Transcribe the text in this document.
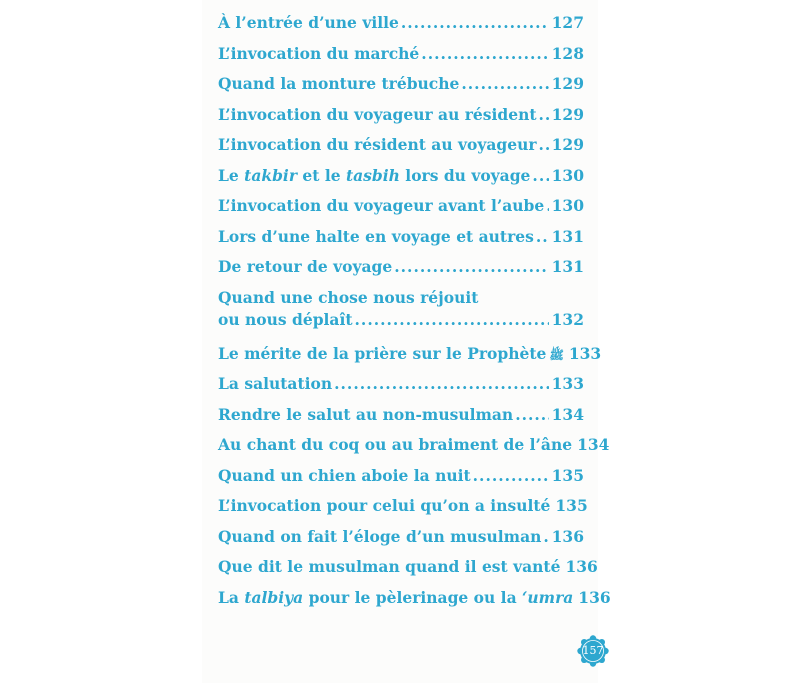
À l’entrée d’une ville .....	127
L’invocation du marché .....	128
Quand la monture trébuche .....	129
L’invocation du voyageur au résident ..... 129
L’invocation du résident au voyageur ..... 129
Le takbir et le tasbih lors du voyage ..... 130
L’invocation du voyageur avant l’aube ..... 130
Lors d’une halte en voyage et autres ..... 131
De retour de voyage .....	131
Quand une chose nous réjouit
ou nous déplaît .....	132
Le mérite de la prière sur le Prophète ﷺ 133
La salutation .....	133
Rendre le salut au non-musulman ..... 134
Au chant du coq ou au braiment de l’âne 134
Quand un chien aboie la nuit .....	135
L’invocation pour celui qu’on a insulté 135
Quand on fait l’éloge d’un musulman ..... 136
Que dit le musulman quand il est vanté 136
La talbiya pour le pèlerinage ou la ‘umra 136
157
